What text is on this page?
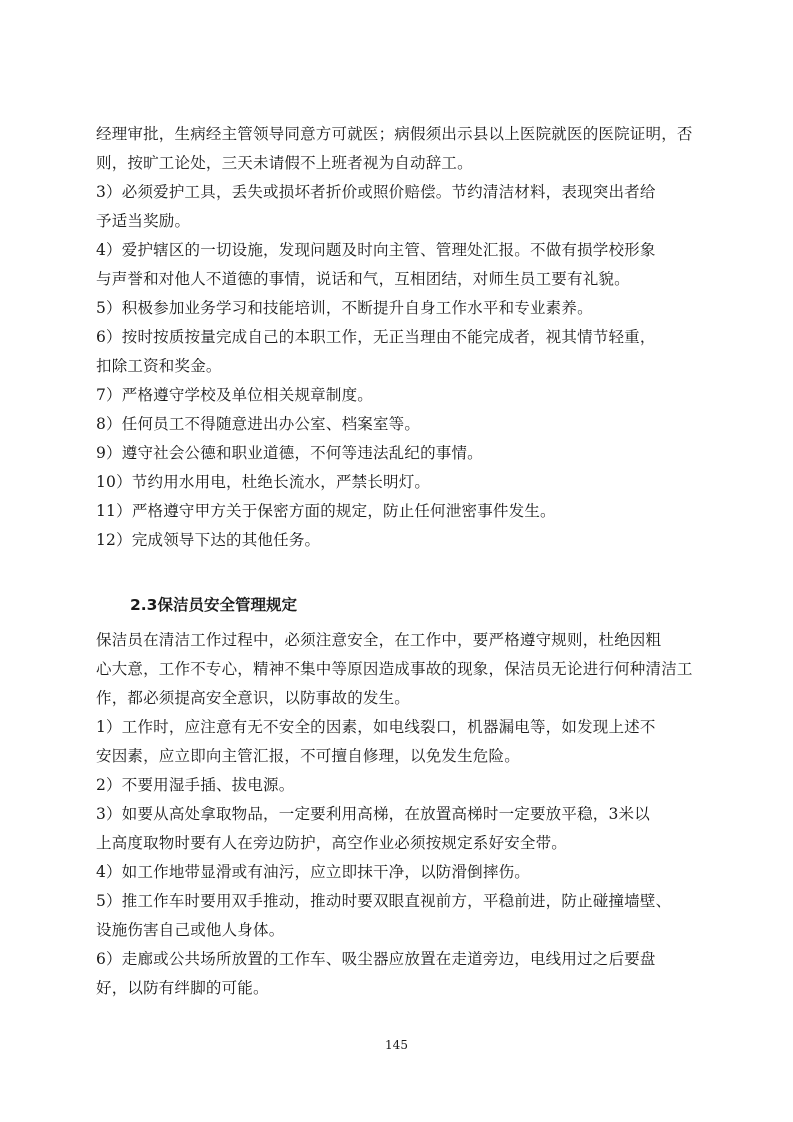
经理审批，生病经主管领导同意方可就医；病假须出示县以上医院就医的医院证明，否
则，按旷工论处，三天未请假不上班者视为自动辞工。
3）必须爱护工具，丢失或损坏者折价或照价赔偿。节约清洁材料，表现突出者给
予适当奖励。
4）爱护辖区的一切设施，发现问题及时向主管、管理处汇报。不做有损学校形象
与声誉和对他人不道德的事情，说话和气，互相团结，对师生员工要有礼貌。
5）积极参加业务学习和技能培训，不断提升自身工作水平和专业素养。
6）按时按质按量完成自己的本职工作，无正当理由不能完成者，视其情节轻重，
扣除工资和奖金。
7）严格遵守学校及单位相关规章制度。
8）任何员工不得随意进出办公室、档案室等。
9）遵守社会公德和职业道德，不何等违法乱纪的事情。
10）节约用水用电，杜绝长流水，严禁长明灯。
11）严格遵守甲方关于保密方面的规定，防止任何泄密事件发生。
12）完成领导下达的其他任务。
2.3保洁员安全管理规定
保洁员在清洁工作过程中，必须注意安全，在工作中，要严格遵守规则，杜绝因粗
心大意，工作不专心，精神不集中等原因造成事故的现象，保洁员无论进行何种清洁工
作，都必须提高安全意识，以防事故的发生。
1）工作时，应注意有无不安全的因素，如电线裂口，机器漏电等，如发现上述不
安因素，应立即向主管汇报，不可擅自修理，以免发生危险。
2）不要用湿手插、拔电源。
3）如要从高处拿取物品，一定要利用高梯，在放置高梯时一定要放平稳，3米以
上高度取物时要有人在旁边防护，高空作业必须按规定系好安全带。
4）如工作地带显滑或有油污，应立即抹干净，以防滑倒摔伤。
5）推工作车时要用双手推动，推动时要双眼直视前方，平稳前进，防止碰撞墙壁、
设施伤害自己或他人身体。
6）走廊或公共场所放置的工作车、吸尘器应放置在走道旁边，电线用过之后要盘
好，以防有绊脚的可能。
145
